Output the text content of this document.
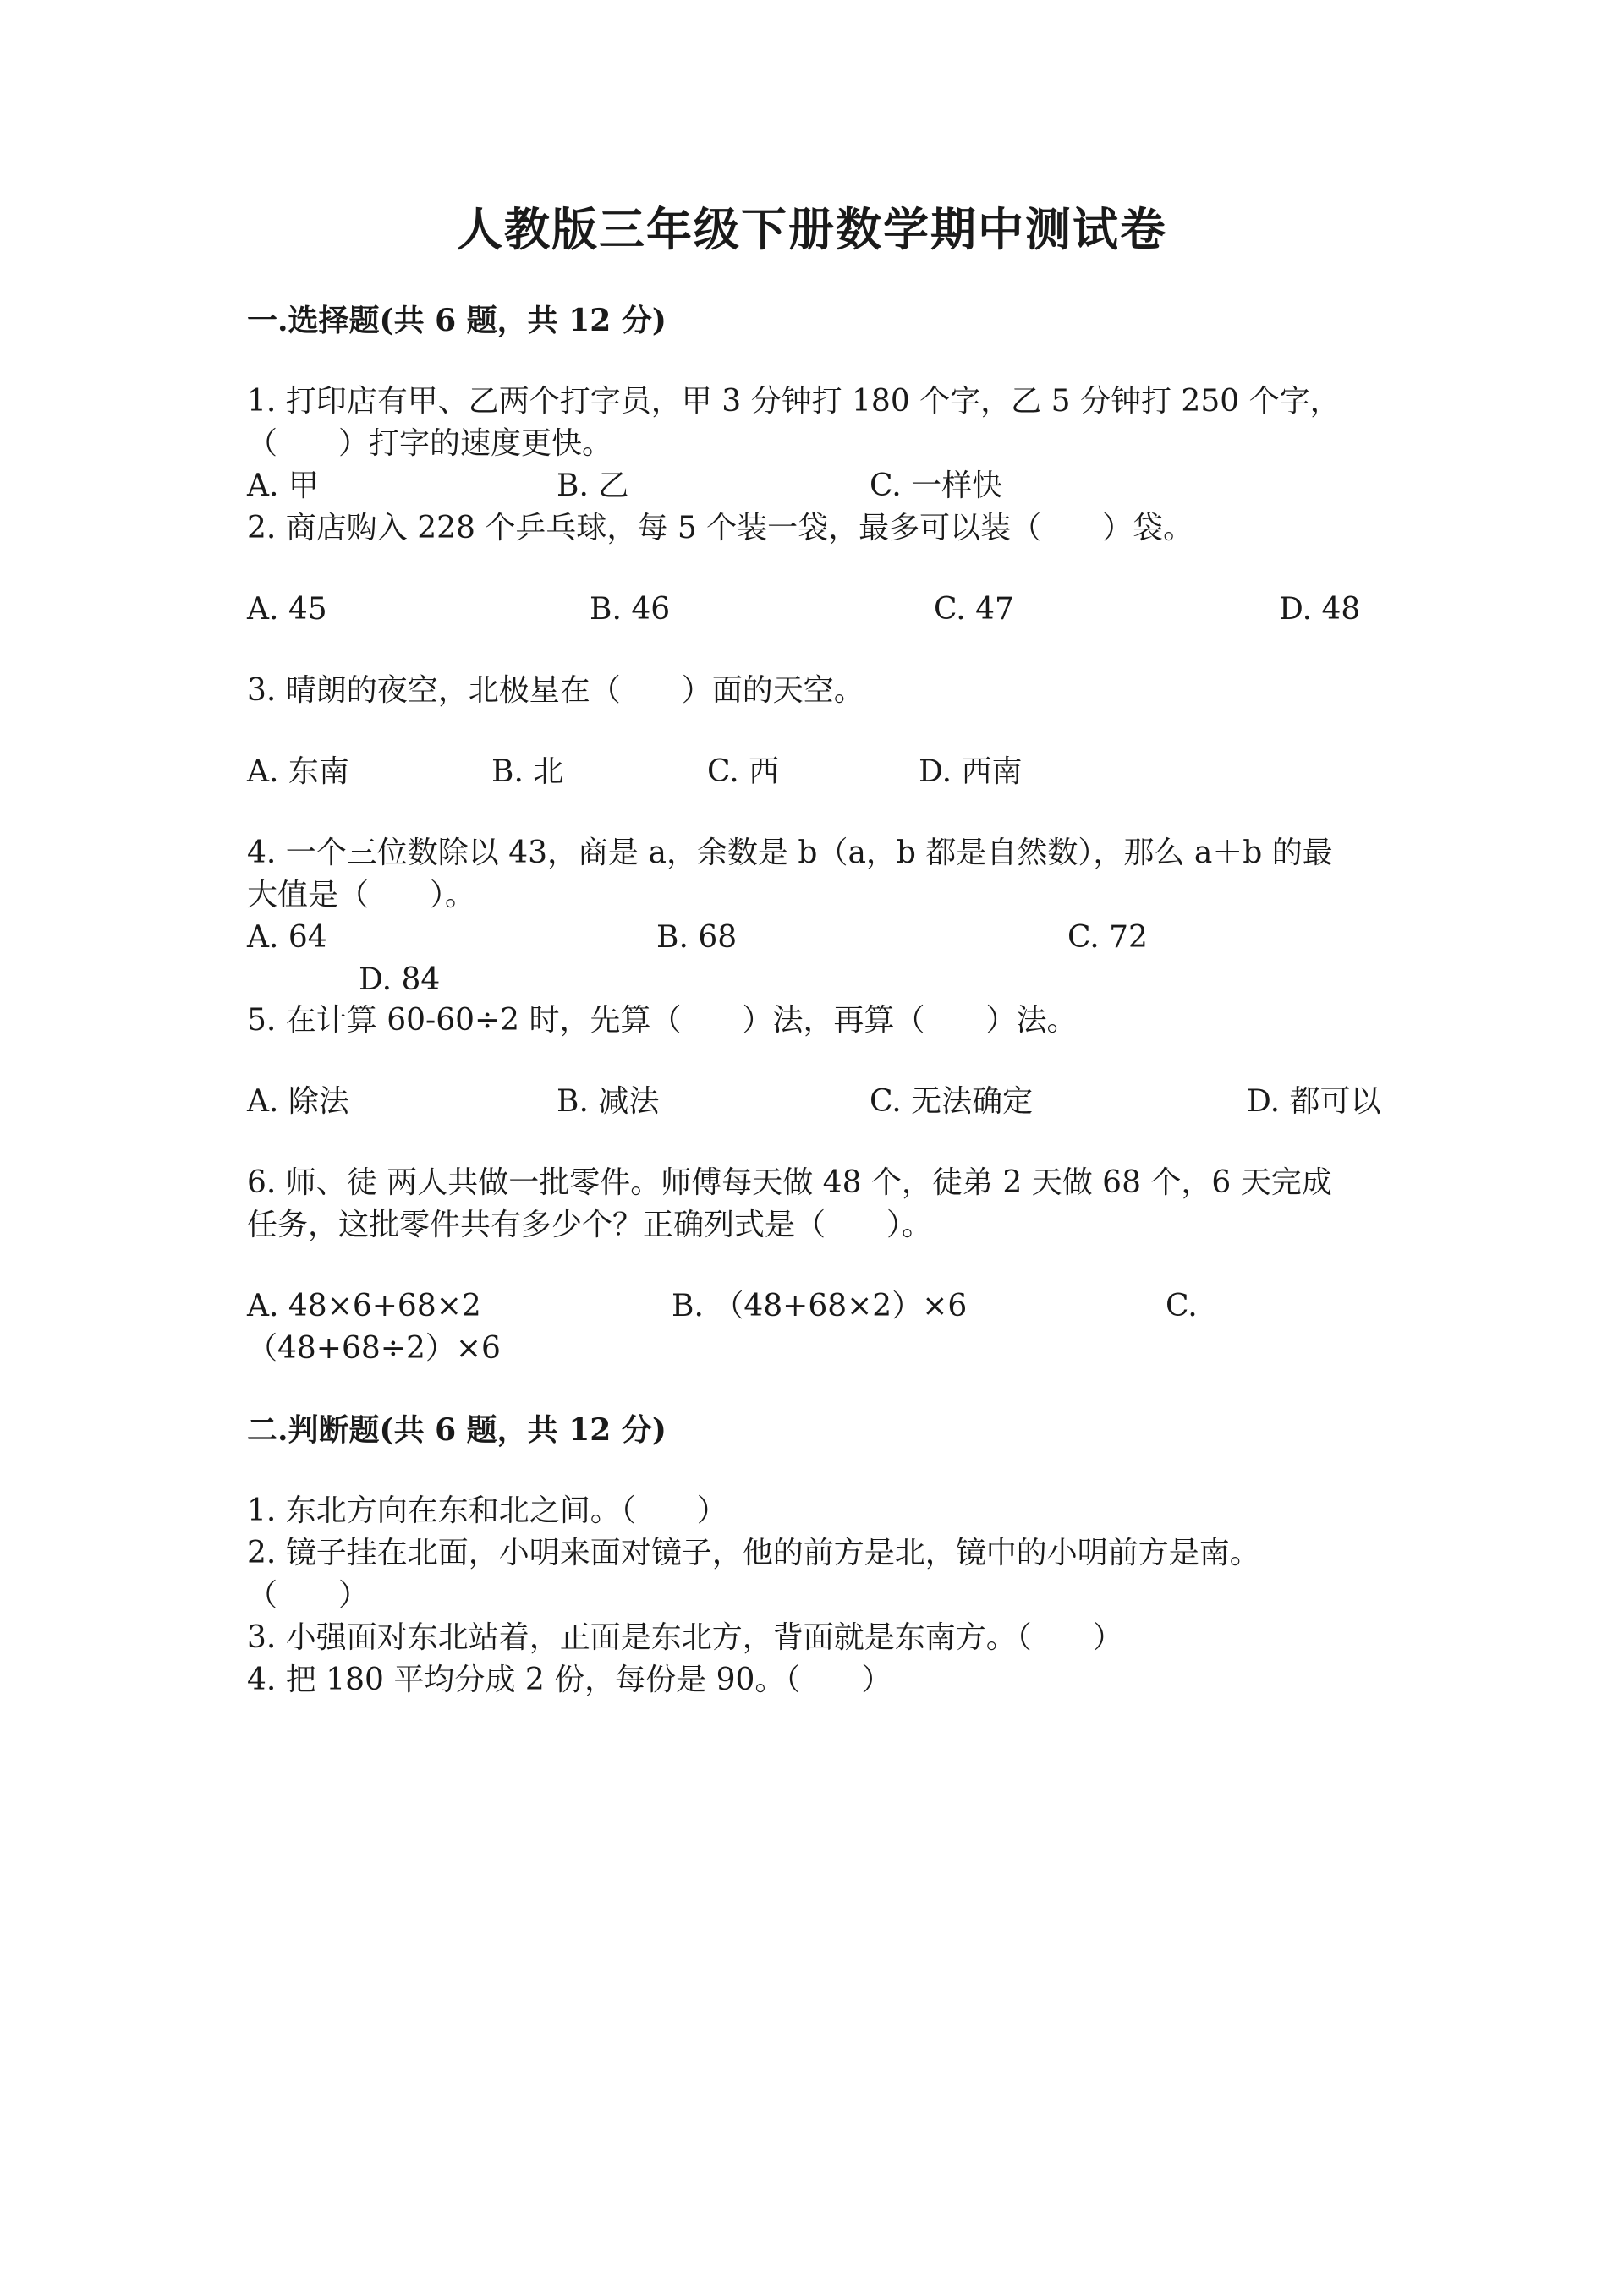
人教版三年级下册数学期中测试卷
一.选择题(共 6 题，共 12 分)
1. 打印店有甲、乙两个打字员，甲 3 分钟打 180 个字，乙 5 分钟打 250 个字，
（　　）打字的速度更快。
A. 甲	B. 乙	C. 一样快
2. 商店购入 228 个乒乓球，每 5 个装一袋，最多可以装（　　）袋。
A. 45	B. 46	C. 47	D. 48
3. 晴朗的夜空，北极星在（　　）面的天空。
A. 东南	B. 北	C. 西	D. 西南
4. 一个三位数除以 43，商是 a，余数是 b（a，b 都是自然数），那么 a＋b 的最
大值是（　　）。
A. 64	B. 68	C. 72
D. 84
5. 在计算 60-60÷2 时，先算（　　）法，再算（　　）法。
A. 除法	B. 减法	C. 无法确定	D. 都可以
6. 师、徒 两人共做一批零件。师傅每天做 48 个，徒弟 2 天做 68 个，6 天完成
任务，这批零件共有多少个？正确列式是（　　）。
A. 48×6+68×2	B. （48+68×2）×6	C.
（48+68÷2）×6
二.判断题(共 6 题，共 12 分)
1. 东北方向在东和北之间。（　　）
2. 镜子挂在北面，小明来面对镜子，他的前方是北，镜中的小明前方是南。
（　　）
3. 小强面对东北站着，正面是东北方，背面就是东南方。（　　）
4. 把 180 平均分成 2 份，每份是 90。（　　）
